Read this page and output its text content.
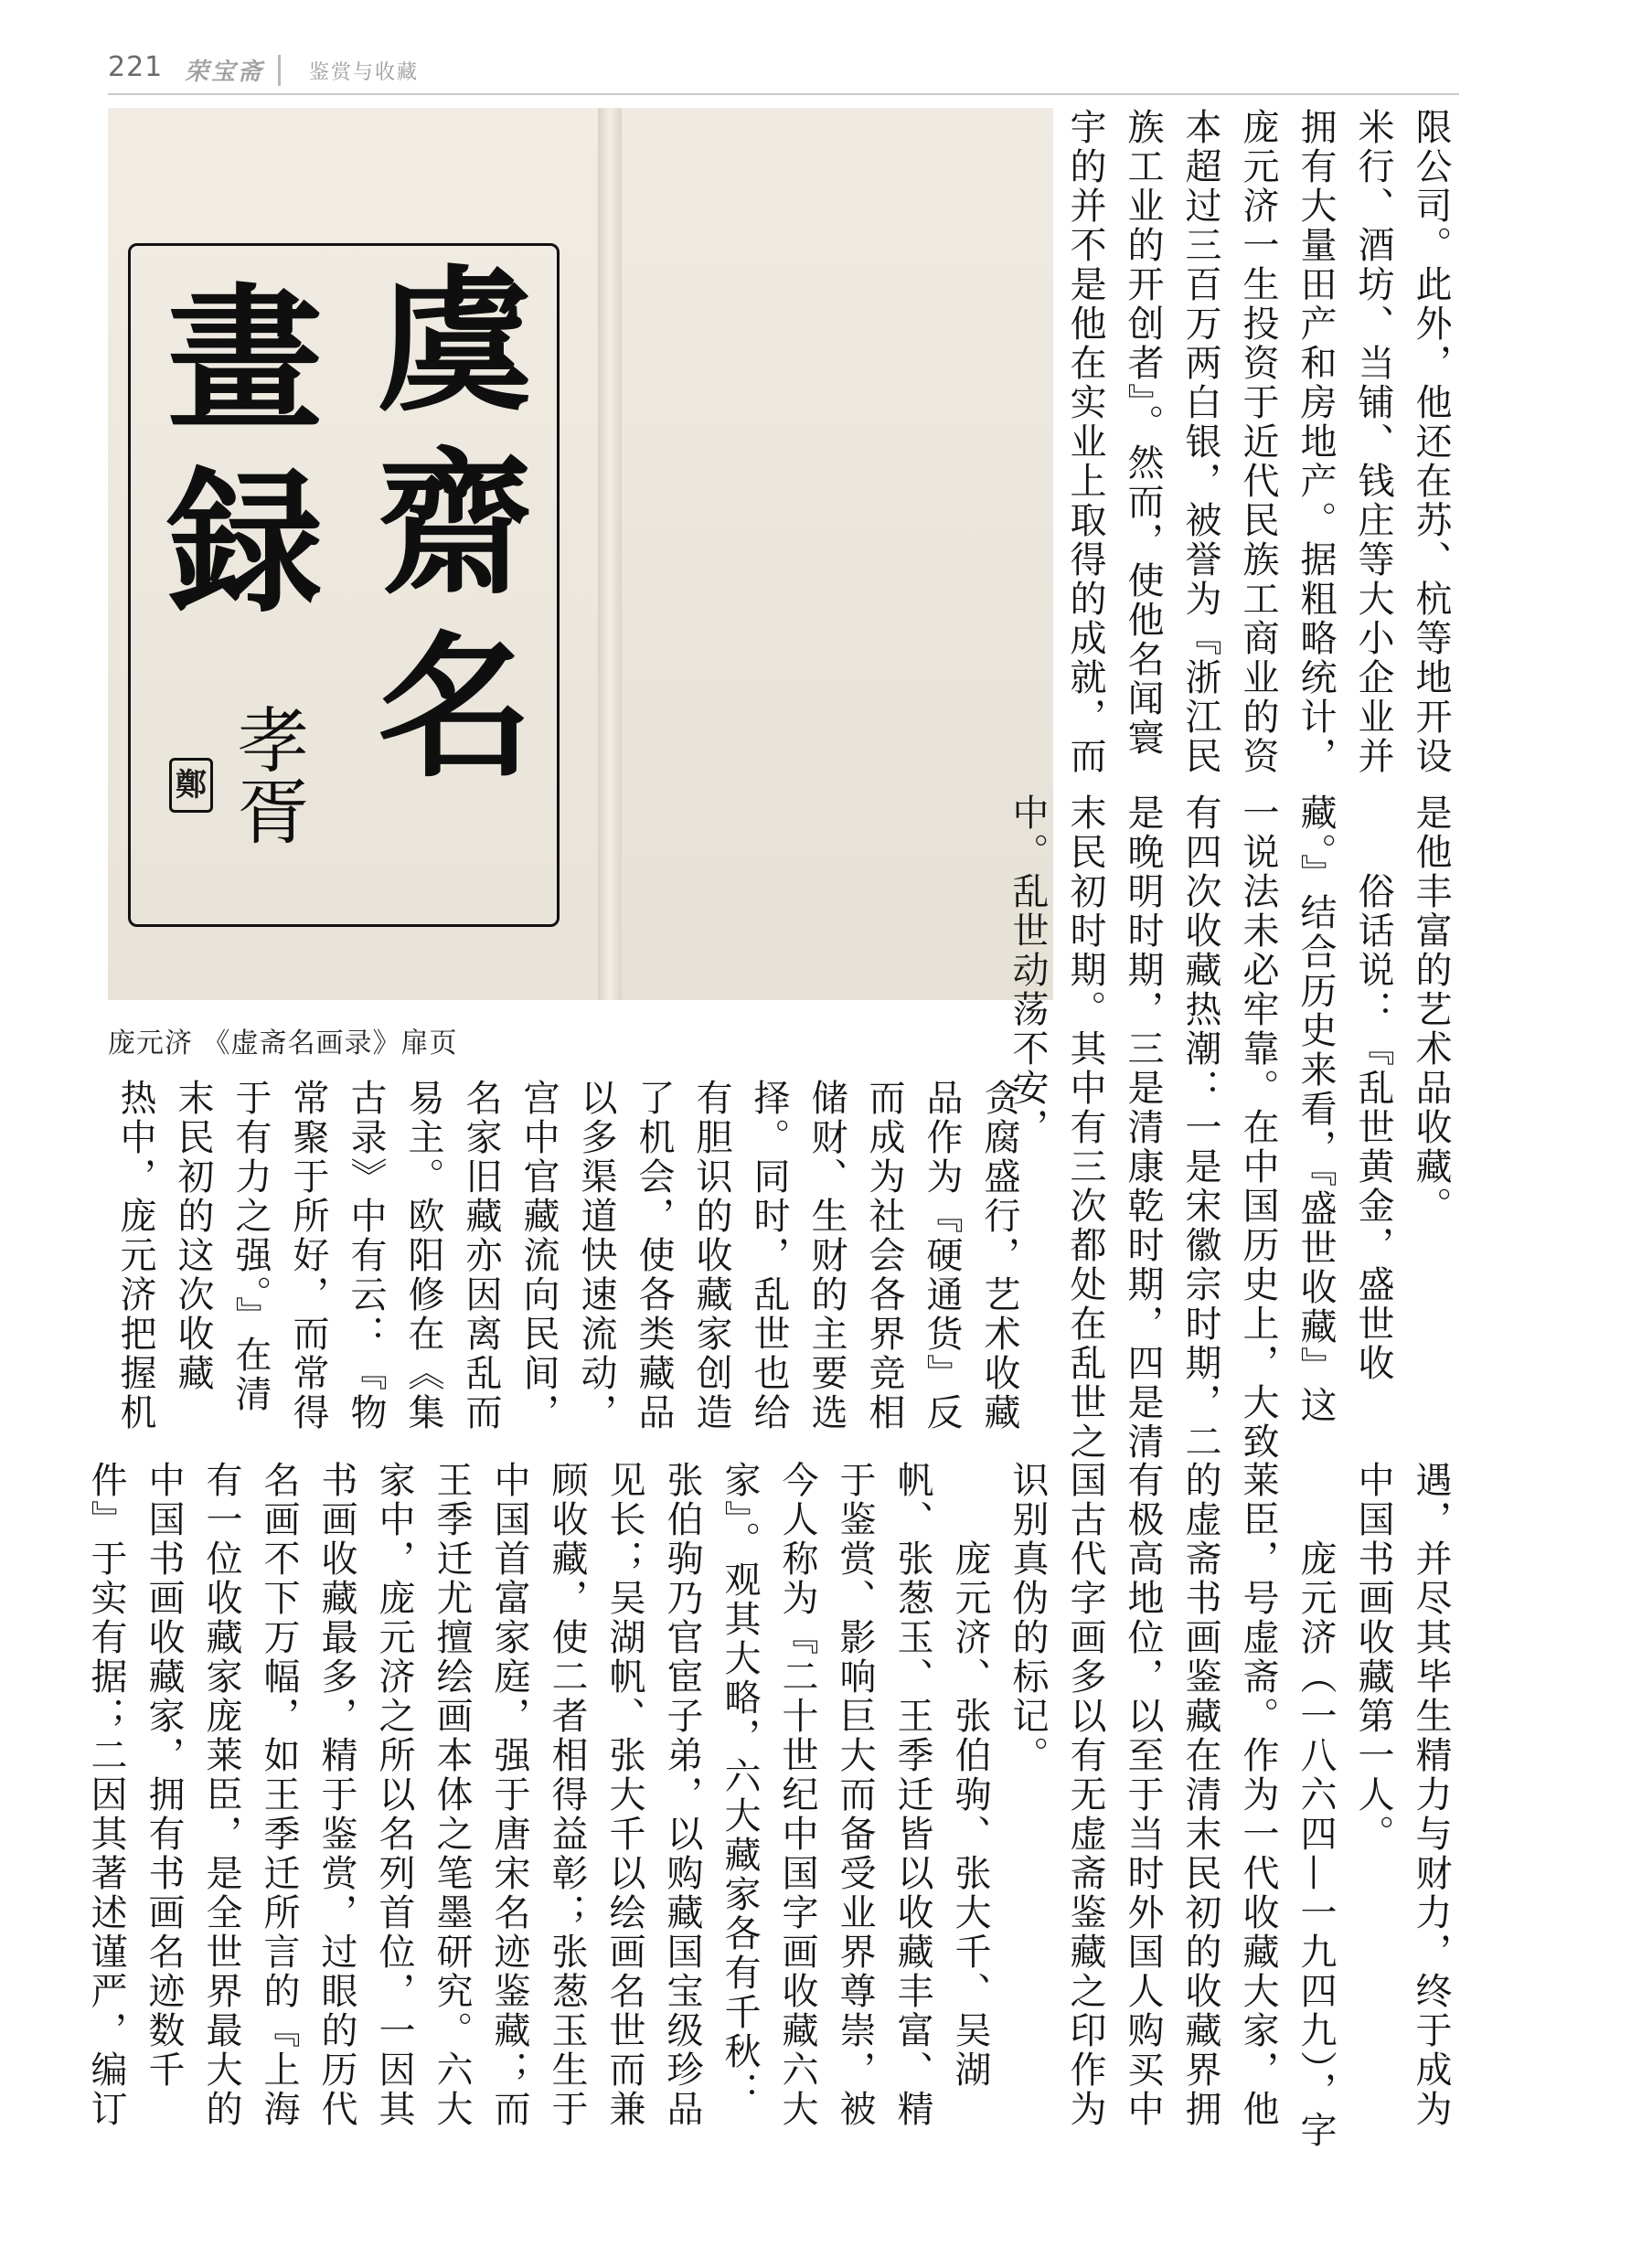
221 荣宝斋 鉴赏与收藏
虞
齋
名
畫
録
孝胥
鄭
庞元济 《虚斋名画录》扉页

限公司。此外，他还在苏、杭等地开设

米行、酒坊、当铺、钱庄等大小企业并

拥有大量田产和房地产。据粗略统计，

庞元济一生投资于近代民族工商业的资

本超过三百万两白银，被誉为『浙江民

族工业的开创者』。然而，使他名闻寰

宇的并不是他在实业上取得的成就，而

是他丰富的艺术品收藏。

　　俗话说：『乱世黄金，盛世收

藏。』结合历史来看，『盛世收藏』这

一说法未必牢靠。在中国历史上，大致

有四次收藏热潮：一是宋徽宗时期，二

是晚明时期，三是清康乾时期，四是清

末民初时期。其中有三次都处在乱世之

中。乱世动荡不安，

贪腐盛行，艺术收藏

品作为『硬通货』反

而成为社会各界竞相

储财、生财的主要选

择。同时，乱世也给

有胆识的收藏家创造

了机会，使各类藏品

以多渠道快速流动，

宫中官藏流向民间，

名家旧藏亦因离乱而

易主。欧阳修在《集

古录》中有云：『物

常聚于所好，而常得

于有力之强。』在清

末民初的这次收藏

热中，庞元济把握机

遇，并尽其毕生精力与财力，终于成为

中国书画收藏第一人。

　　庞元济（一八六四—一九四九），字

莱臣，号虚斋。作为一代收藏大家，他

的虚斋书画鉴藏在清末民初的收藏界拥

有极高地位，以至于当时外国人购买中

国古代字画多以有无虚斋鉴藏之印作为

识别真伪的标记。

　　庞元济、张伯驹、张大千、吴湖

帆、张葱玉、王季迁皆以收藏丰富、精

于鉴赏、影响巨大而备受业界尊崇，被

今人称为『二十世纪中国字画收藏六大

家』。观其大略，六大藏家各有千秋：

张伯驹乃官宦子弟，以购藏国宝级珍品

见长；吴湖帆、张大千以绘画名世而兼

顾收藏，使二者相得益彰；张葱玉生于

中国首富家庭，强于唐宋名迹鉴藏；而

王季迁尤擅绘画本体之笔墨研究。六大

家中，庞元济之所以名列首位，一因其

书画收藏最多，精于鉴赏，过眼的历代

名画不下万幅，如王季迁所言的『上海

有一位收藏家庞莱臣，是全世界最大的

中国书画收藏家，拥有书画名迹数千

件』于实有据；二因其著述谨严，编订
